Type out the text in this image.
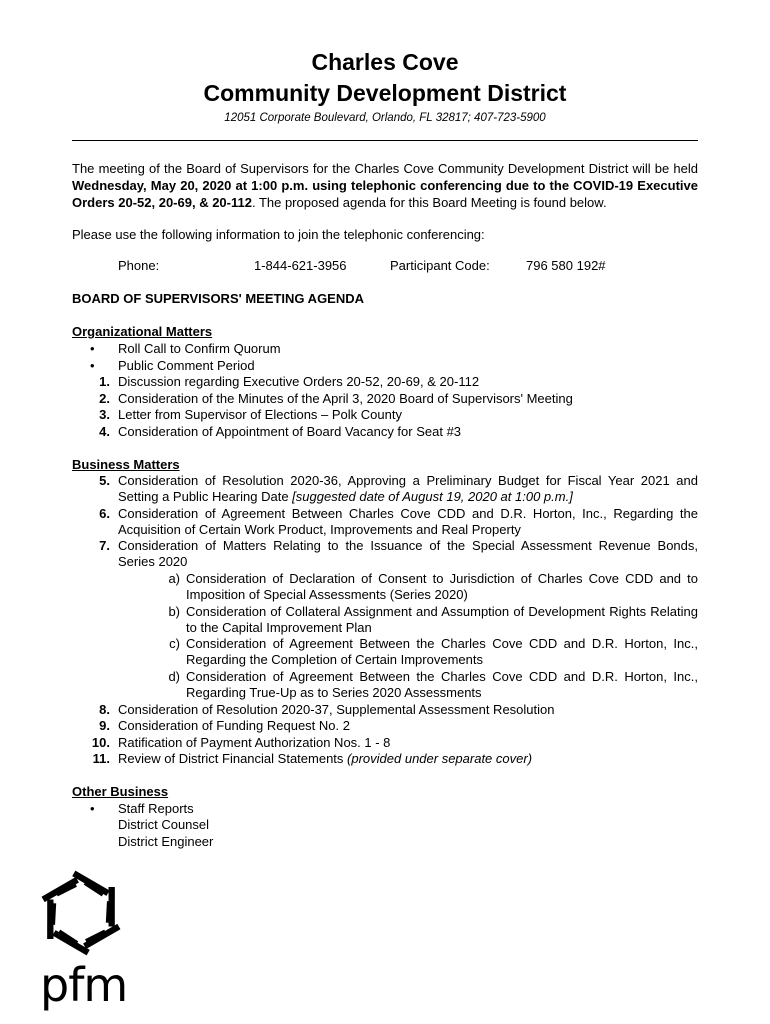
Charles Cove
Community Development District
12051 Corporate Boulevard, Orlando, FL 32817; 407-723-5900
The meeting of the Board of Supervisors for the Charles Cove Community Development District will be held Wednesday, May 20, 2020 at 1:00 p.m. using telephonic conferencing due to the COVID-19 Executive Orders 20-52, 20-69, & 20-112. The proposed agenda for this Board Meeting is found below.
Please use the following information to join the telephonic conferencing:
Phone:	1-844-621-3956	Participant Code:	796 580 192#
BOARD OF SUPERVISORS' MEETING AGENDA
Organizational Matters
• Roll Call to Confirm Quorum
• Public Comment Period
1. Discussion regarding Executive Orders 20-52, 20-69, & 20-112
2. Consideration of the Minutes of the April 3, 2020 Board of Supervisors' Meeting
3. Letter from Supervisor of Elections – Polk County
4. Consideration of Appointment of Board Vacancy for Seat #3
Business Matters
5. Consideration of Resolution 2020-36, Approving a Preliminary Budget for Fiscal Year 2021 and Setting a Public Hearing Date [suggested date of August 19, 2020 at 1:00 p.m.]
6. Consideration of Agreement Between Charles Cove CDD and D.R. Horton, Inc., Regarding the Acquisition of Certain Work Product, Improvements and Real Property
7. Consideration of Matters Relating to the Issuance of the Special Assessment Revenue Bonds, Series 2020
a) Consideration of Declaration of Consent to Jurisdiction of Charles Cove CDD and to Imposition of Special Assessments (Series 2020)
b) Consideration of Collateral Assignment and Assumption of Development Rights Relating to the Capital Improvement Plan
c) Consideration of Agreement Between the Charles Cove CDD and D.R. Horton, Inc., Regarding the Completion of Certain Improvements
d) Consideration of Agreement Between the Charles Cove CDD and D.R. Horton, Inc., Regarding True-Up as to Series 2020 Assessments
8. Consideration of Resolution 2020-37, Supplemental Assessment Resolution
9. Consideration of Funding Request No. 2
10. Ratification of Payment Authorization Nos. 1 - 8
11. Review of District Financial Statements (provided under separate cover)
Other Business
• Staff Reports
District Counsel
District Engineer
pfm
